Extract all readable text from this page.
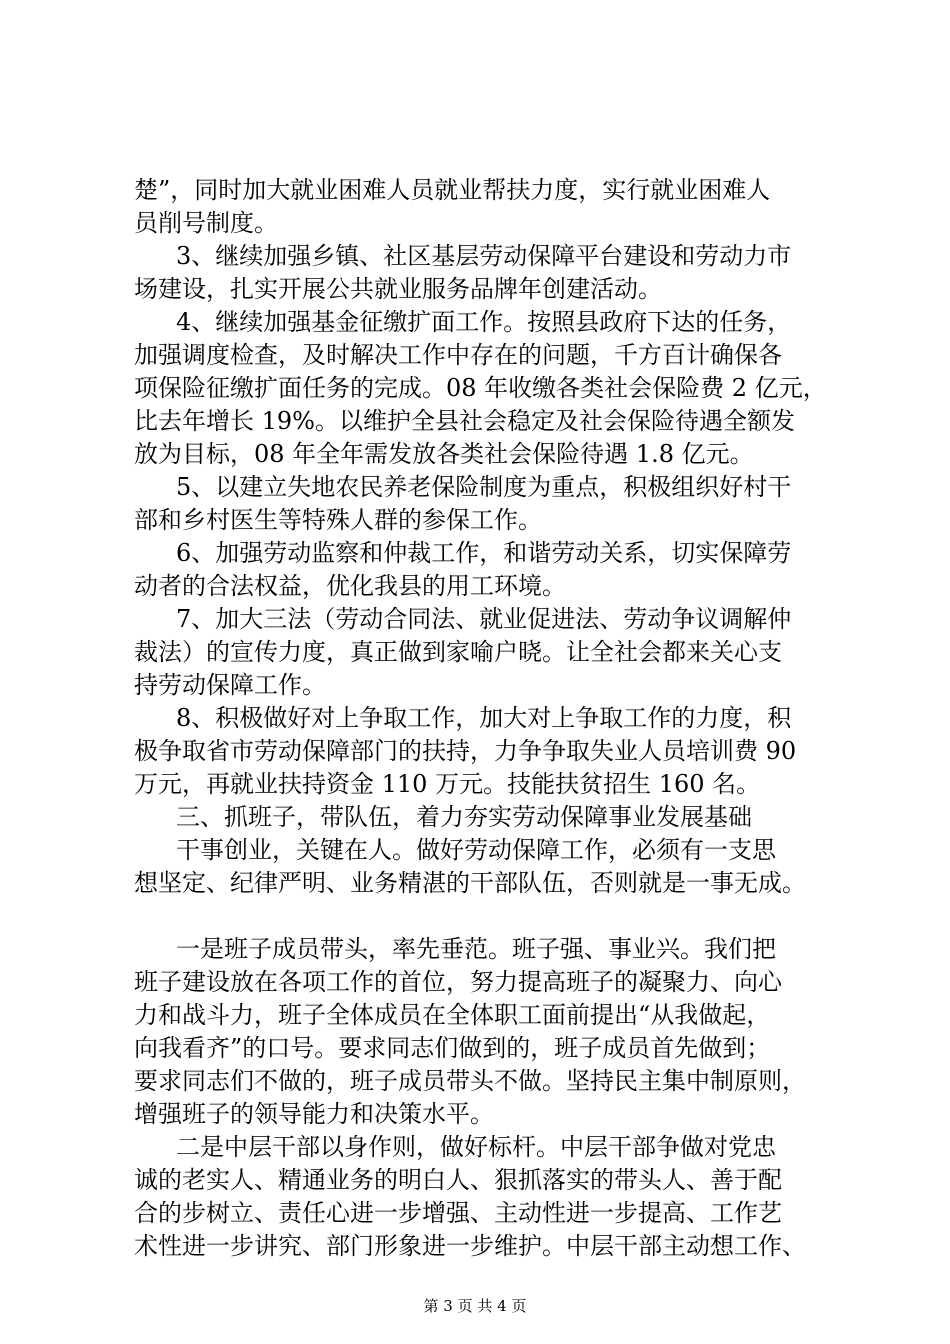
楚”，同时加大就业困难人员就业帮扶力度，实行就业困难人
员削号制度。
3、继续加强乡镇、社区基层劳动保障平台建设和劳动力市
场建设，扎实开展公共就业服务品牌年创建活动。
4、继续加强基金征缴扩面工作。按照县政府下达的任务，
加强调度检查，及时解决工作中存在的问题，千方百计确保各
项保险征缴扩面任务的完成。08 年收缴各类社会保险费 2 亿元，
比去年增长 19%。以维护全县社会稳定及社会保险待遇全额发
放为目标，08 年全年需发放各类社会保险待遇 1.8 亿元。
5、以建立失地农民养老保险制度为重点，积极组织好村干
部和乡村医生等特殊人群的参保工作。
6、加强劳动监察和仲裁工作，和谐劳动关系，切实保障劳
动者的合法权益，优化我县的用工环境。
7、加大三法（劳动合同法、就业促进法、劳动争议调解仲
裁法）的宣传力度，真正做到家喻户晓。让全社会都来关心支
持劳动保障工作。
8、积极做好对上争取工作，加大对上争取工作的力度，积
极争取省市劳动保障部门的扶持，力争争取失业人员培训费 90
万元，再就业扶持资金 110 万元。技能扶贫招生 160 名。
三、抓班子，带队伍，着力夯实劳动保障事业发展基础
干事创业，关键在人。做好劳动保障工作，必须有一支思
想坚定、纪律严明、业务精湛的干部队伍，否则就是一事无成。
一是班子成员带头，率先垂范。班子强、事业兴。我们把
班子建设放在各项工作的首位，努力提高班子的凝聚力、向心
力和战斗力，班子全体成员在全体职工面前提出“从我做起，
向我看齐”的口号。要求同志们做到的，班子成员首先做到；
要求同志们不做的，班子成员带头不做。坚持民主集中制原则，
增强班子的领导能力和决策水平。
二是中层干部以身作则，做好标杆。中层干部争做对党忠
诚的老实人、精通业务的明白人、狠抓落实的带头人、善于配
合的步树立、责任心进一步增强、主动性进一步提高、工作艺
术性进一步讲究、部门形象进一步维护。中层干部主动想工作、
第 3 页 共 4 页
